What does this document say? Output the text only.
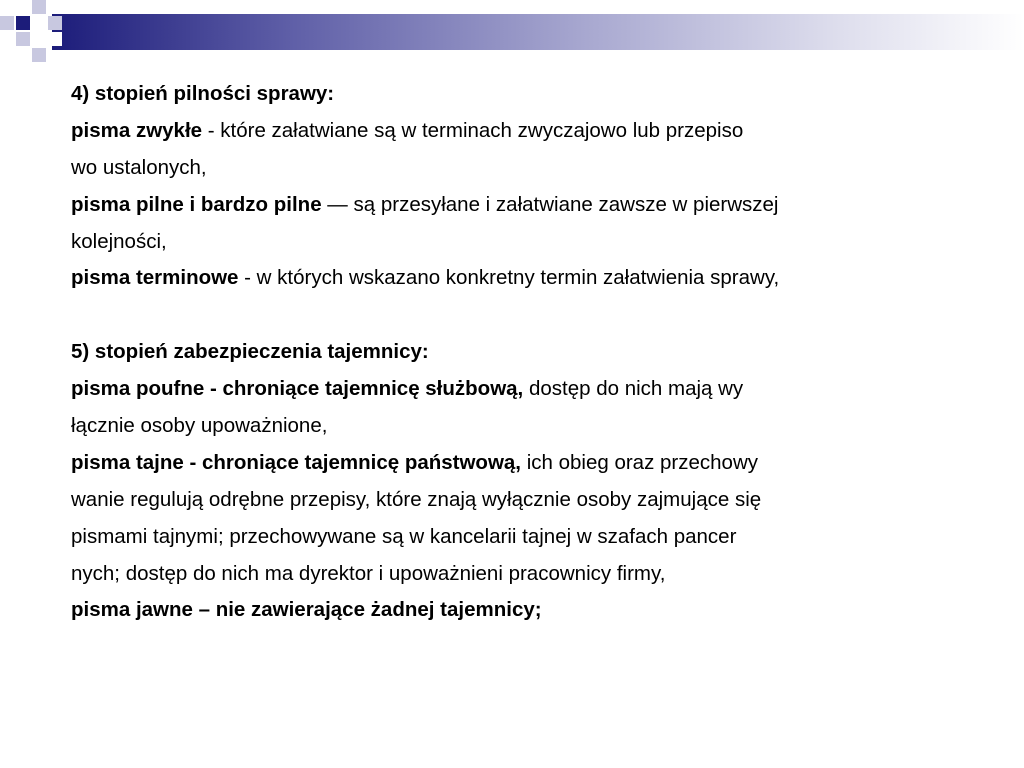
4) stopień pilności sprawy:
pisma zwykłe - które załatwiane są w terminach zwyczajowo lub przepiso
wo ustalonych,
pisma pilne i bardzo pilne — są przesyłane i załatwiane zawsze w pierwszej
kolejności,
pisma terminowe - w których wskazano konkretny termin załatwienia sprawy,
5) stopień zabezpieczenia tajemnicy:
pisma poufne - chroniące tajemnicę służbową, dostęp do nich mają wy
łącznie osoby upoważnione,
pisma tajne - chroniące tajemnicę państwową, ich obieg oraz przechowy
wanie regulują odrębne przepisy, które znają wyłącznie osoby zajmujące się
pismami tajnymi; przechowywane są w kancelarii tajnej w szafach pancer
nych; dostęp do nich ma dyrektor i upoważnieni pracownicy firmy,
pisma jawne – nie zawierające żadnej tajemnicy;
